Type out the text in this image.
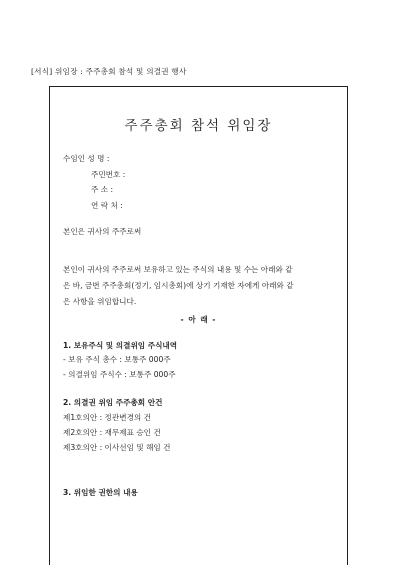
[서식] 위임장 : 주주총회 참석 및 의결권 행사
주주총회 참석 위임장
수임인 성 명 :
주민번호 :
주 소 :
연 락 처 :
본인은 귀사의 주주로써
본인이 귀사의 주주로써 보유하고 있는 주식의 내용 및 수는 아래와 같
은 바, 금번 주주총회(정기, 임시총회)에 상기 기재한 자에게 아래와 같
은 사항을 위임합니다.
- 아 래 -
1. 보유주식 및 의결위임 주식내역
- 보유 주식 총수 : 보통주 000주
- 의결위임 주식수 : 보통주 000주
2. 의결권 위임 주주총회 안건
제1호의안 : 정관변경의 건
제2호의안 : 재무제표 승인 건
제3호의안 : 이사선임 및 해임 건
3. 위임한 권한의 내용
